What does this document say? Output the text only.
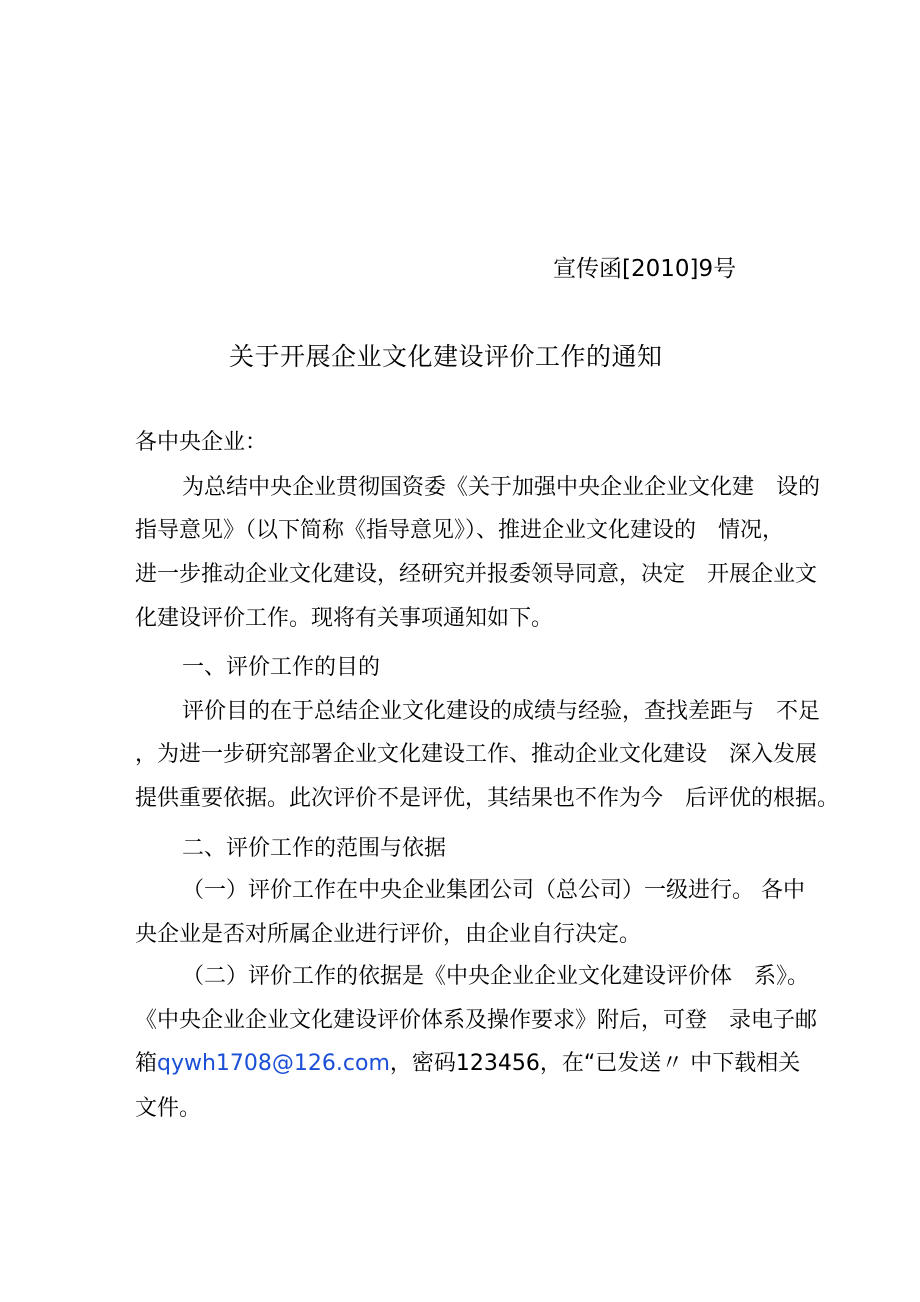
宣传函[2010]9号
关于开展企业文化建设评价工作的通知
各中央企业：
为总结中央企业贯彻国资委《关于加强中央企业企业文化建　设的
指导意见》（以下简称《指导意见》）、推进企业文化建设的　情况，
进一步推动企业文化建设，经研究并报委领导同意，决定　开展企业文
化建设评价工作。现将有关事项通知如下。
一、评价工作的目的
评价目的在于总结企业文化建设的成绩与经验，查找差距与　不足
，为进一步研究部署企业文化建设工作、推动企业文化建设　深入发展
提供重要依据。此次评价不是评优，其结果也不作为今　后评优的根据。
二、评价工作的范围与依据
（一）评价工作在中央企业集团公司（总公司）一级进行。 各中
央企业是否对所属企业进行评价，由企业自行决定。
（二）评价工作的依据是《中央企业企业文化建设评价体　系》。
《中央企业企业文化建设评价体系及操作要求》附后，可登　录电子邮
箱qywh1708@126.com，密码123456，在“已发送〃 中下载相关
文件。
